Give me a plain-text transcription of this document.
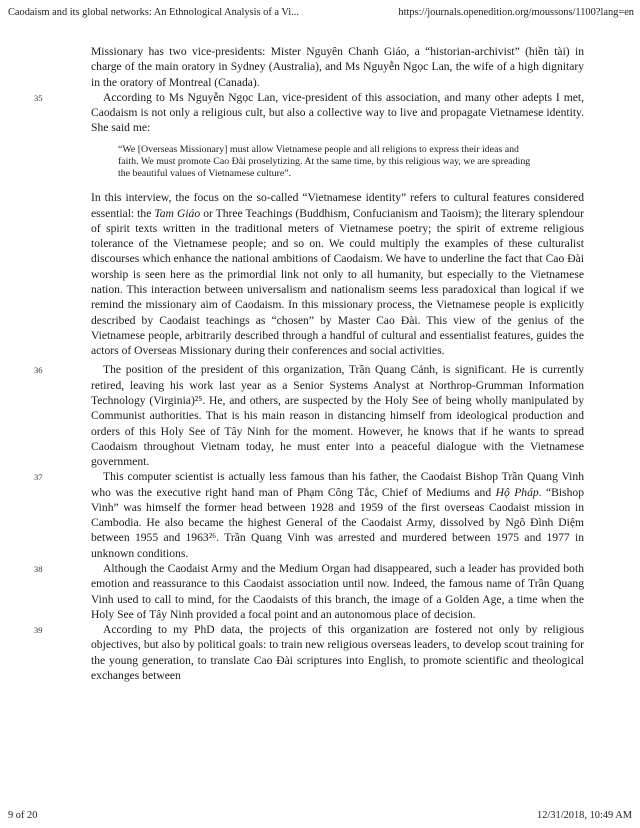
Caodaism and its global networks: An Ethnological Analysis of a Vi...	https://journals.openedition.org/moussons/1100?lang=en

Missionary has two vice-presidents: Mister Nguyên Chanh Giáo, a “historian-archivist” (hiền tài) in charge of the main oratory in Sydney (Australia), and Ms Nguyễn Ngọc Lan, the wife of a high dignitary in the oratory of Montreal (Canada).

35	According to Ms Nguyễn Ngọc Lan, vice-president of this association, and many other adepts I met, Caodaism is not only a religious cult, but also a collective way to live and propagate Vietnamese identity. She said me:

“We [Overseas Missionary] must allow Vietnamese people and all religions to express their ideas and faith. We must promote Cao Đài proselytizing. At the same time, by this religious way, we are spreading the beautiful values of Vietnamese culture”.

In this interview, the focus on the so-called “Vietnamese identity” refers to cultural features considered essential: the Tam Giáo or Three Teachings (Buddhism, Confucianism and Taoism); the literary splendour of spirit texts written in the traditional meters of Vietnamese poetry; the spirit of extreme religious tolerance of the Vietnamese people; and so on. We could multiply the examples of these culturalist discourses which enhance the national ambitions of Caodaism. We have to underline the fact that Cao Đài worship is seen here as the primordial link not only to all humanity, but especially to the Vietnamese nation. This interaction between universalism and nationalism seems less paradoxical than logical if we remind the missionary aim of Caodaism. In this missionary process, the Vietnamese people is explicitly described by Caodaist teachings as “chosen” by Master Cao Đài. This view of the genius of the Vietnamese people, arbitrarily described through a handful of cultural and essentialist features, guides the actors of Overseas Missionary during their conferences and social activities.

36	The position of the president of this organization, Trần Quang Cảnh, is significant. He is currently retired, leaving his work last year as a Senior Systems Analyst at Northrop-Grumman Information Technology (Virginia)²⁵. He, and others, are suspected by the Holy See of being wholly manipulated by Communist authorities. That is his main reason in distancing himself from ideological production and orders of this Holy See of Tây Ninh for the moment. However, he knows that if he wants to spread Caodaism throughout Vietnam today, he must enter into a peaceful dialogue with the Vietnamese government.

37	This computer scientist is actually less famous than his father, the Caodaist Bishop Trần Quang Vinh who was the executive right hand man of Phạm Công Tắc, Chief of Mediums and Hộ Pháp. “Bishop Vinh” was himself the former head between 1928 and 1959 of the first overseas Caodaist mission in Cambodia. He also became the highest General of the Caodaist Army, dissolved by Ngô Đình Diệm between 1955 and 1963²⁶. Trần Quang Vinh was arrested and murdered between 1975 and 1977 in unknown conditions.

38	Although the Caodaist Army and the Medium Organ had disappeared, such a leader has provided both emotion and reassurance to this Caodaist association until now. Indeed, the famous name of Trần Quang Vinh used to call to mind, for the Caodaists of this branch, the image of a Golden Age, a time when the Holy See of Tây Ninh provided a focal point and an autonomous place of decision.

39	According to my PhD data, the projects of this organization are fostered not only by religious objectives, but also by political goals: to train new religious overseas leaders, to develop scout training for the young generation, to translate Cao Đài scriptures into English, to promote scientific and theological exchanges between

9 of 20	12/31/2018, 10:49 AM
